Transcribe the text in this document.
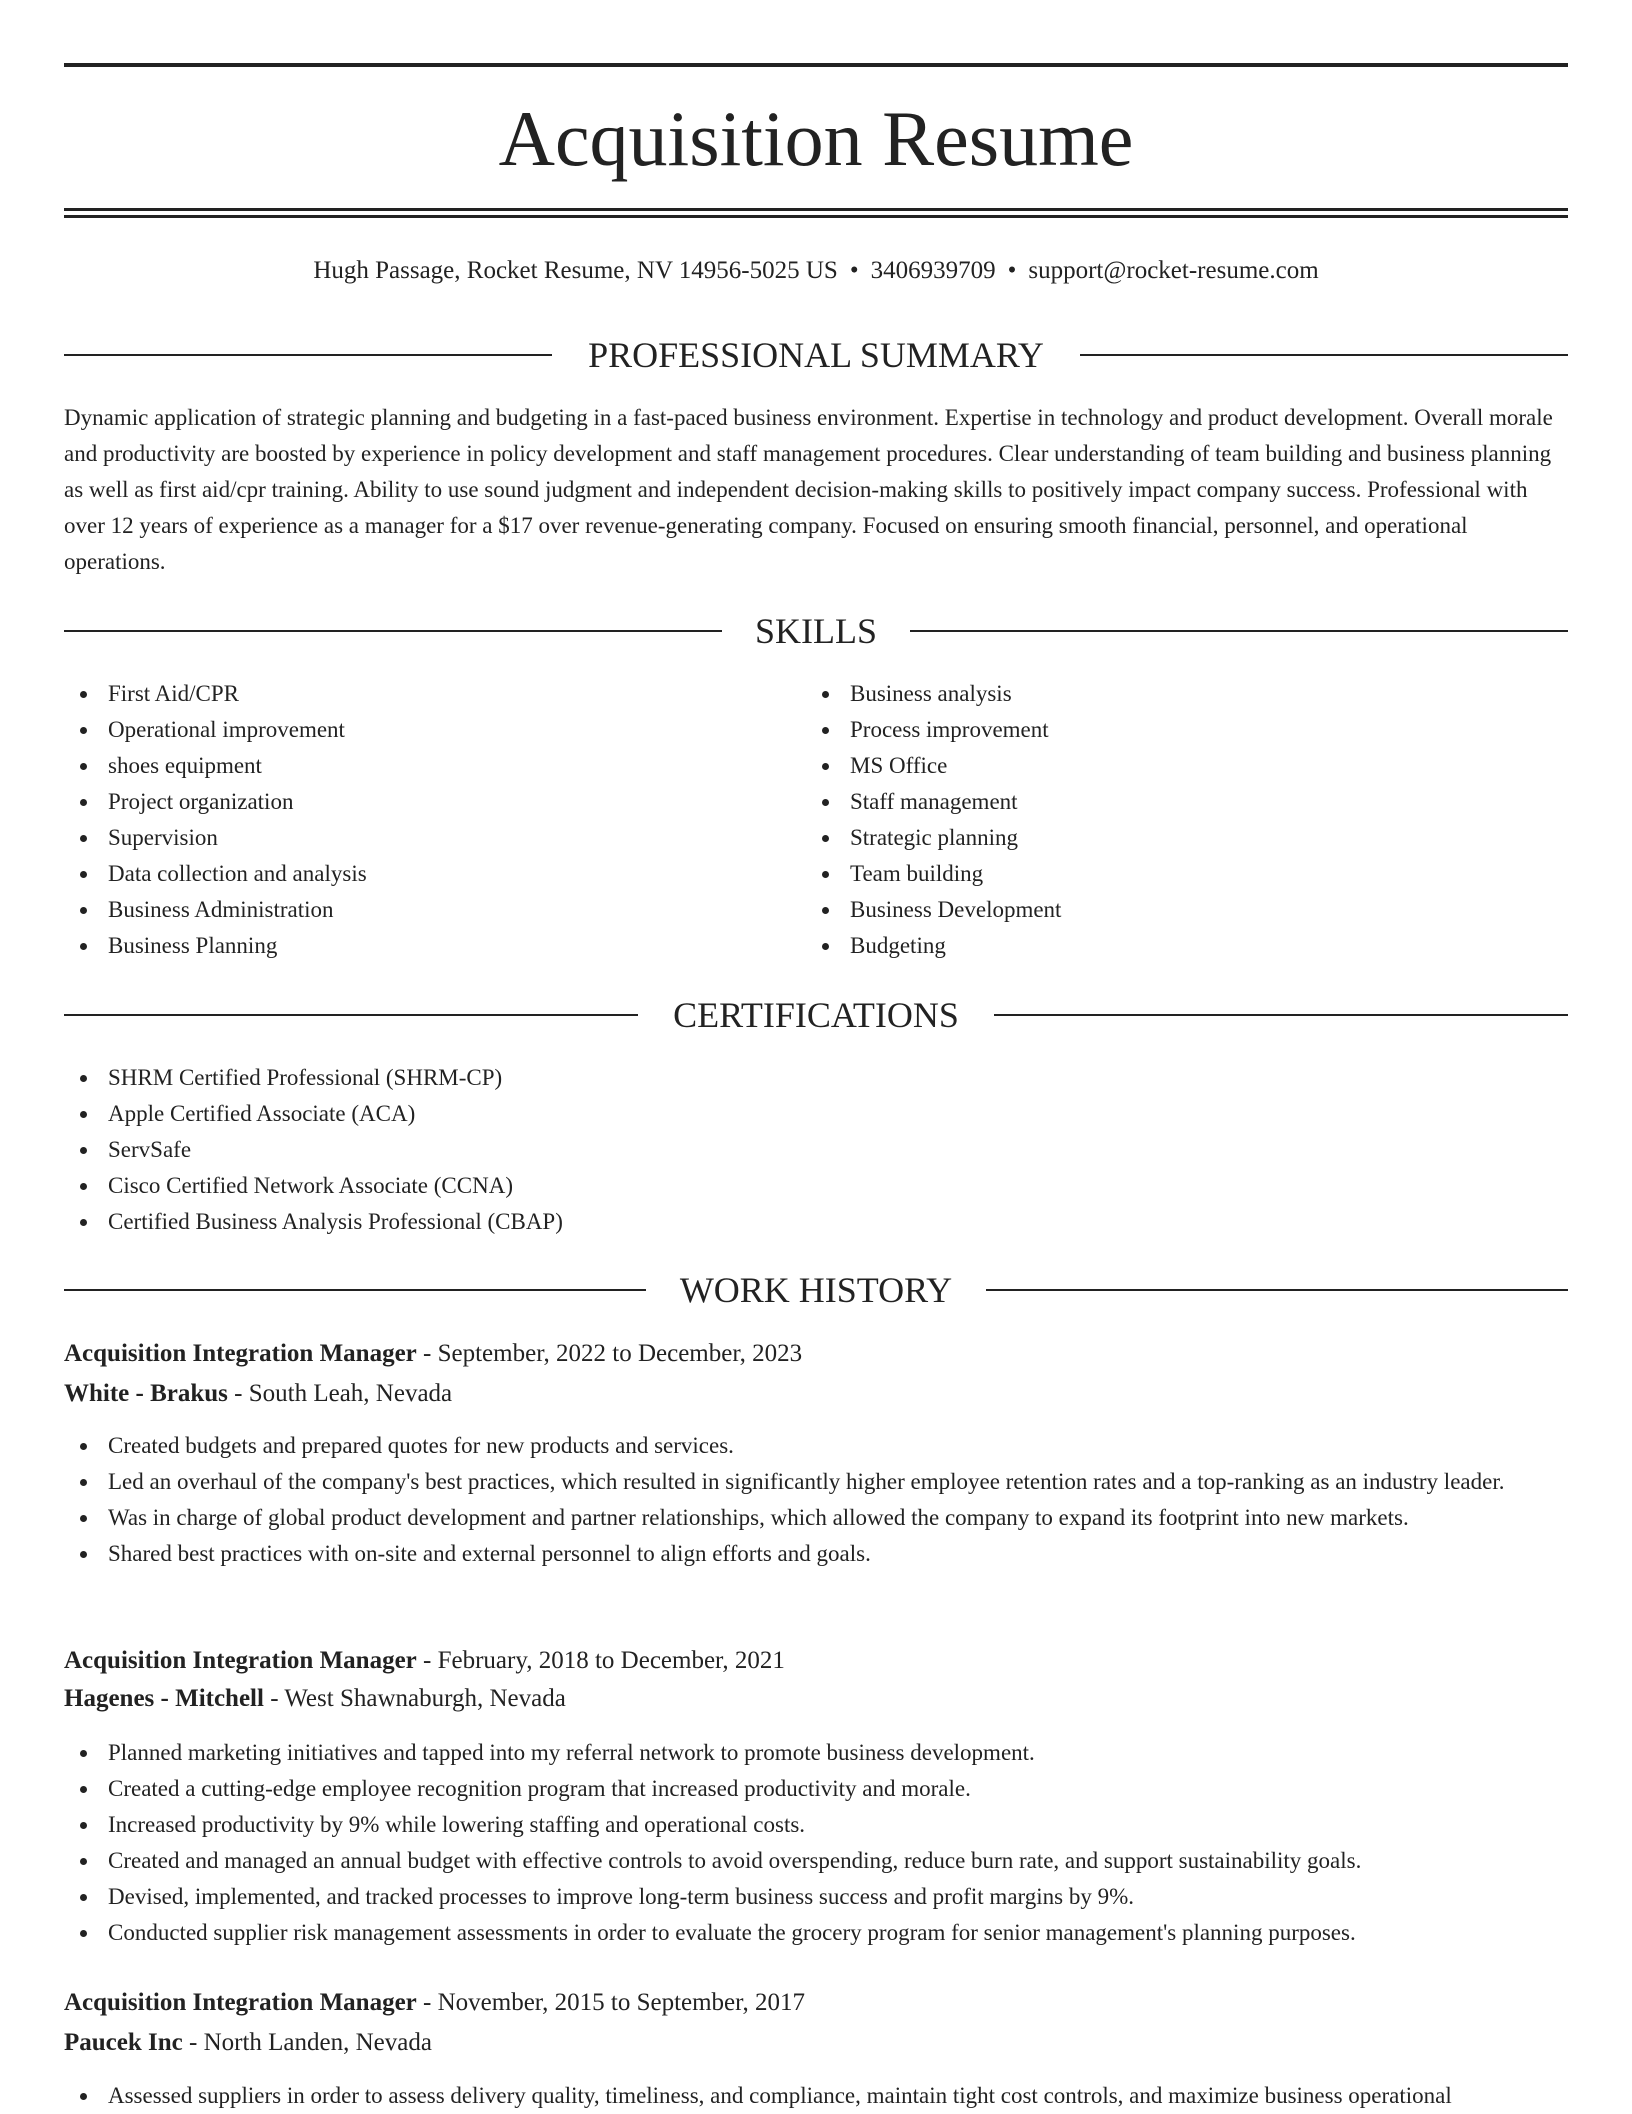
Acquisition Resume
Hugh Passage, Rocket Resume, NV 14956-5025 US • 3406939709 • support@rocket-resume.com
PROFESSIONAL SUMMARY
Dynamic application of strategic planning and budgeting in a fast-paced business environment. Expertise in technology and product development. Overall morale and productivity are boosted by experience in policy development and staff management procedures. Clear understanding of team building and business planning as well as first aid/cpr training. Ability to use sound judgment and independent decision-making skills to positively impact company success. Professional with over 12 years of experience as a manager for a $17 over revenue-generating company. Focused on ensuring smooth financial, personnel, and operational operations.
SKILLS
First Aid/CPR
Operational improvement
shoes equipment
Project organization
Supervision
Data collection and analysis
Business Administration
Business Planning
Business analysis
Process improvement
MS Office
Staff management
Strategic planning
Team building
Business Development
Budgeting
CERTIFICATIONS
SHRM Certified Professional (SHRM-CP)
Apple Certified Associate (ACA)
ServSafe
Cisco Certified Network Associate (CCNA)
Certified Business Analysis Professional (CBAP)
WORK HISTORY
Acquisition Integration Manager - September, 2022 to December, 2023
White - Brakus - South Leah, Nevada
Created budgets and prepared quotes for new products and services.
Led an overhaul of the company's best practices, which resulted in significantly higher employee retention rates and a top-ranking as an industry leader.
Was in charge of global product development and partner relationships, which allowed the company to expand its footprint into new markets.
Shared best practices with on-site and external personnel to align efforts and goals.
Acquisition Integration Manager - February, 2018 to December, 2021
Hagenes - Mitchell - West Shawnaburgh, Nevada
Planned marketing initiatives and tapped into my referral network to promote business development.
Created a cutting-edge employee recognition program that increased productivity and morale.
Increased productivity by 9% while lowering staffing and operational costs.
Created and managed an annual budget with effective controls to avoid overspending, reduce burn rate, and support sustainability goals.
Devised, implemented, and tracked processes to improve long-term business success and profit margins by 9%.
Conducted supplier risk management assessments in order to evaluate the grocery program for senior management's planning purposes.
Acquisition Integration Manager - November, 2015 to September, 2017
Paucek Inc - North Landen, Nevada
Assessed suppliers in order to assess delivery quality, timeliness, and compliance, maintain tight cost controls, and maximize business operational
